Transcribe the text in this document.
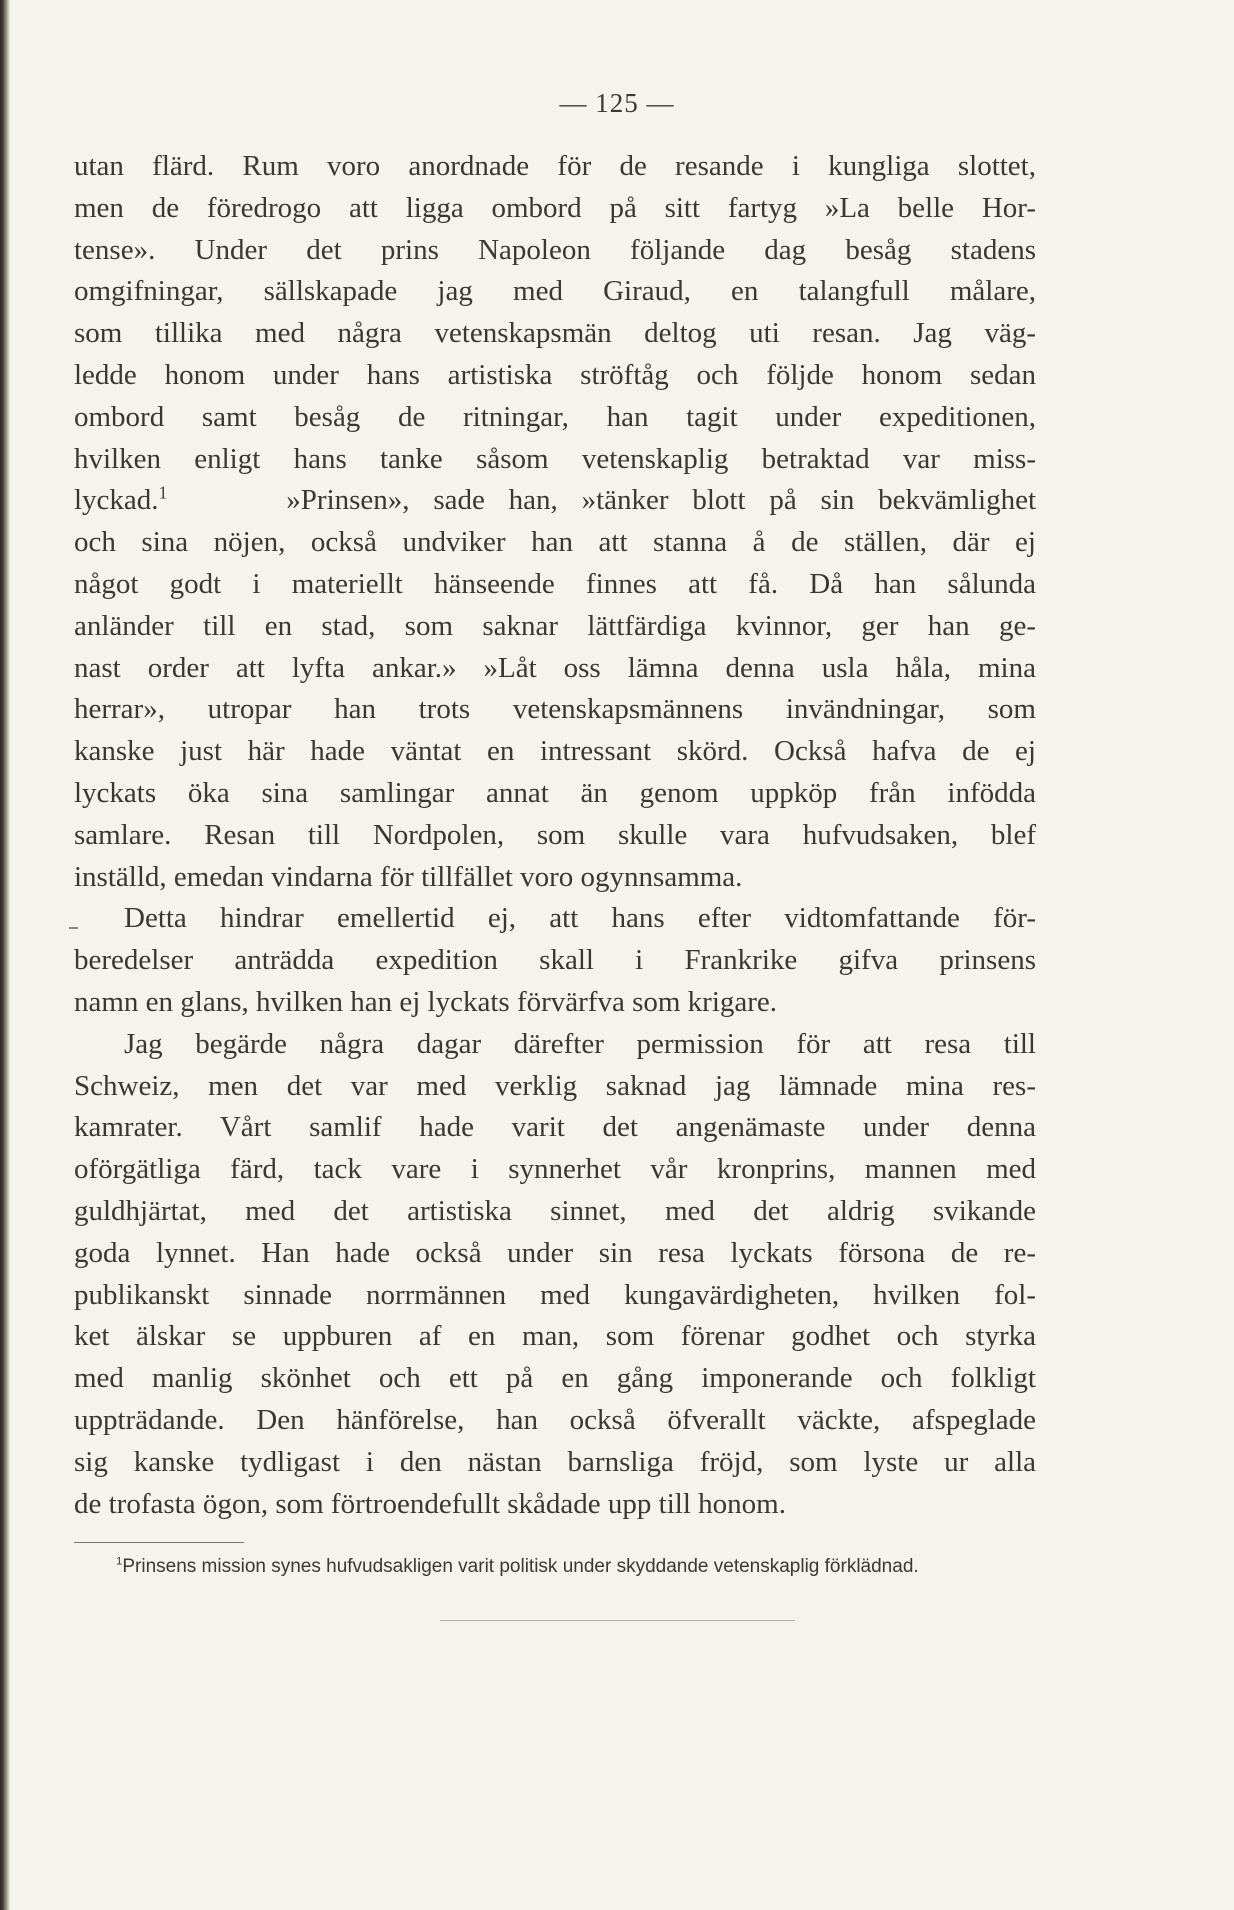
— 125 —
utan flärd. Rum voro anordnade för de resande i kungliga slottet,
men de föredrogo att ligga ombord på sitt fartyg »La belle Hor-
tense». Under det prins Napoleon följande dag besåg stadens
omgifningar, sällskapade jag med Giraud, en talangfull målare,
som tillika med några vetenskapsmän deltog uti resan. Jag väg-
ledde honom under hans artistiska ströftåg och följde honom sedan
ombord samt besåg de ritningar, han tagit under expeditionen,
hvilken enligt hans tanke såsom vetenskaplig betraktad var miss-
lyckad.$^1$	»Prinsen», sade han, »tänker blott på sin bekvämlighet
och sina nöjen, också undviker han att stanna å de ställen, där ej
något godt i materiellt hänseende finnes att få. Då han sålunda
anländer till en stad, som saknar lättfärdiga kvinnor, ger han ge-
nast order att lyfta ankar.» »Låt oss lämna denna usla håla, mina
herrar», utropar han trots vetenskapsmännens invändningar, som
kanske just här hade väntat en intressant skörd. Också hafva de ej
lyckats öka sina samlingar annat än genom uppköp från infödda
samlare. Resan till Nordpolen, som skulle vara hufvudsaken, blef
inställd, emedan vindarna för tillfället voro ogynnsamma.
Detta hindrar emellertid ej, att hans efter vidtomfattande för-
beredelser anträdda expedition skall i Frankrike gifva prinsens
namn en glans, hvilken han ej lyckats förvärfva som krigare.
Jag begärde några dagar därefter permission för att resa till
Schweiz, men det var med verklig saknad jag lämnade mina res-
kamrater. Vårt samlif hade varit det angenämaste under denna
oförgätliga färd, tack vare i synnerhet vår kronprins, mannen med
guldhjärtat, med det artistiska sinnet, med det aldrig svikande
goda lynnet. Han hade också under sin resa lyckats försona de re-
publikanskt sinnade norrmännen med kungavärdigheten, hvilken fol-
ket älskar se uppburen af en man, som förenar godhet och styrka
med manlig skönhet och ett på en gång imponerande och folkligt
uppträdande. Den hänförelse, han också öfverallt väckte, afspeglade
sig kanske tydligast i den nästan barnsliga fröjd, som lyste ur alla
de trofasta ögon, som förtroendefullt skådade upp till honom.
$^1$Prinsens mission synes hufvudsakligen varit politisk under skyddande vetenskaplig förklädnad.
